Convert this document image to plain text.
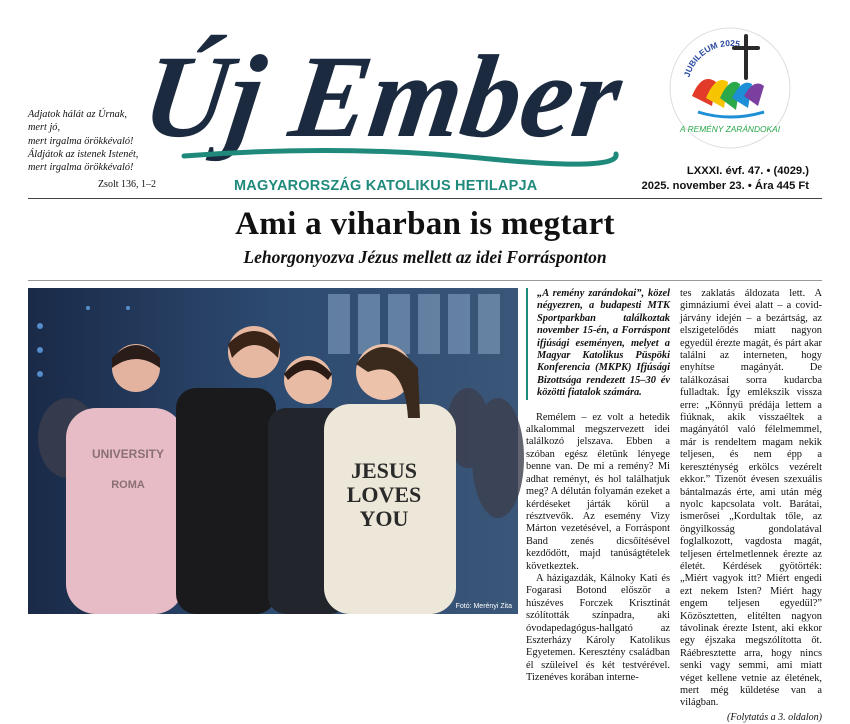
Adjatok hálát az Úrnak,
mert jó,
mert irgalma örökkévaló!
Áldjátok az istenek Istenét,
mert irgalma örökkévaló!
Zsolt 136, 1–2
Új Ember
MAGYARORSZÁG KATOLIKUS HETILAPJA
LXXXI. évf. 47. • (4029.)
2025. november 23. • Ára 445 Ft
JUBILEUM 2025
A REMÉNY ZARÁNDOKAI
Ami a viharban is megtart
Lehorgonyozva Jézus mellett az idei Forrásponton
UNIVERSITY
ROMA
JESUS
LOVES
YOU
Fotó: Merényi Zita
„A remény zarándokai”, közel négyezren, a budapesti MTK Sportparkban találkoztak november 15-én, a Forráspont ifjúsági eseményen, melyet a Magyar Katolikus Püspöki Konferencia (MKPK) Ifjúsági Bizottsága rendezett 15–30 év közötti fiatalok számára.

Remélem – ez volt a hetedik alkalommal megszervezett idei találkozó jelszava. Ebben a szóban egész életünk lényege benne van. De mi a remény? Mi adhat reményt, és hol találhatjuk meg? A délután folyamán ezeket a kérdéseket járták körül a résztvevők. Az esemény Vizy Márton vezetésével, a Forráspont Band zenés dicsőítésével kezdődött, majd tanúságtételek következtek.

A házigazdák, Kálnoky Kati és Fogarasi Botond először a húszéves Forczek Krisztinát szólították színpadra, aki óvodapedagógus-hallgató az Eszterházy Károly Katolikus Egyetemen. Keresztény családban él szüleivel és két testvérével. Tizenéves korában interne-

tes zaklatás áldozata lett. A gimnáziumi évei alatt – a covid-járvány idején – a bezártság, az elszigetelődés miatt nagyon egyedül érezte magát, és párt akar találni az interneten, hogy enyhítse magányát. De találkozásai sorra kudarcba fulladtak. Így emlékszik vissza erre: „Könnyű prédája lettem a fiúknak, akik visszaéltek a magányától való félelmemmel, már is rendeltem magam nekik teljesen, és nem épp a kereszténység erkölcs vezérelt ekkor.” Tizenöt évesen szexuális bántalmazás érte, ami után még nyolc kapcsolata volt. Barátai, ismerősei „Kordultak tőle, az öngyilkosság gondolatával foglalkozott, vagdosta magát, teljesen értelmetlennek érezte az életét. Kérdések gyötörték: „Miért vagyok itt? Miért engedi ezt nekem Isten? Miért hagy engem teljesen egyedül?” Közösztetten, elítélten nagyon távolinak érezte Istent, aki ekkor egy éjszaka megszólította őt. Ráébresztette arra, hogy nincs senki vagy semmi, ami miatt véget kellene vetnie az életének, mert még küldetése van a világban.

(Folytatás a 3. oldalon)
